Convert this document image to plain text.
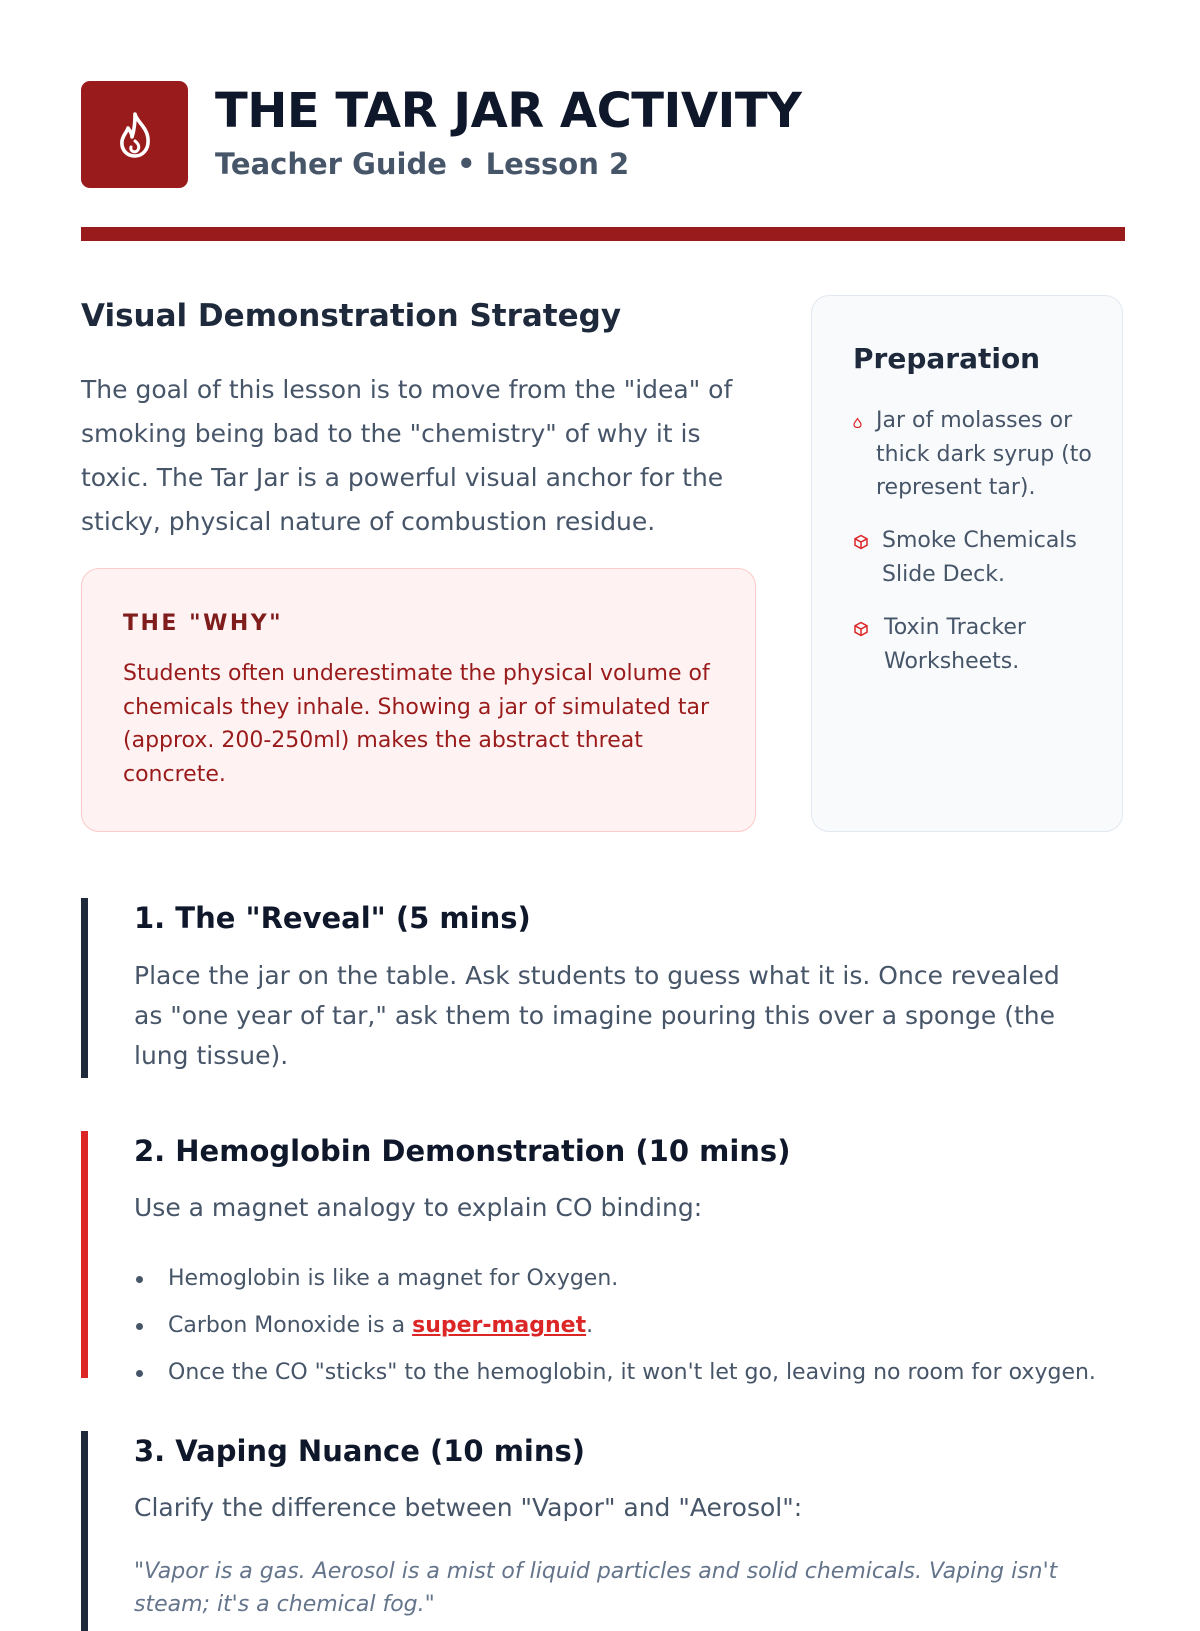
THE TAR JAR ACTIVITY
Teacher Guide • Lesson 2
Visual Demonstration Strategy

The goal of this lesson is to move from the "idea" of smoking being bad to the "chemistry" of why it is toxic. The Tar Jar is a powerful visual anchor for the sticky, physical nature of combustion residue.

THE "WHY"

Students often underestimate the physical volume of chemicals they inhale. Showing a jar of simulated tar (approx. 200-250ml) makes the abstract threat concrete.

Preparation
Jar of molasses or thick dark syrup (to represent tar).
Smoke Chemicals Slide Deck.
Toxin Tracker Worksheets.
1. The "Reveal" (5 mins)

Place the jar on the table. Ask students to guess what it is. Once revealed as "one year of tar," ask them to imagine pouring this over a sponge (the lung tissue).

2. Hemoglobin Demonstration (10 mins)

Use a magnet analogy to explain CO binding:

Hemoglobin is like a magnet for Oxygen.
Carbon Monoxide is a super-magnet.
Once the CO "sticks" to the hemoglobin, it won't let go, leaving no room for oxygen.
3. Vaping Nuance (10 mins)

Clarify the difference between "Vapor" and "Aerosol":

"Vapor is a gas. Aerosol is a mist of liquid particles and solid chemicals. Vaping isn't steam; it's a chemical fog."
